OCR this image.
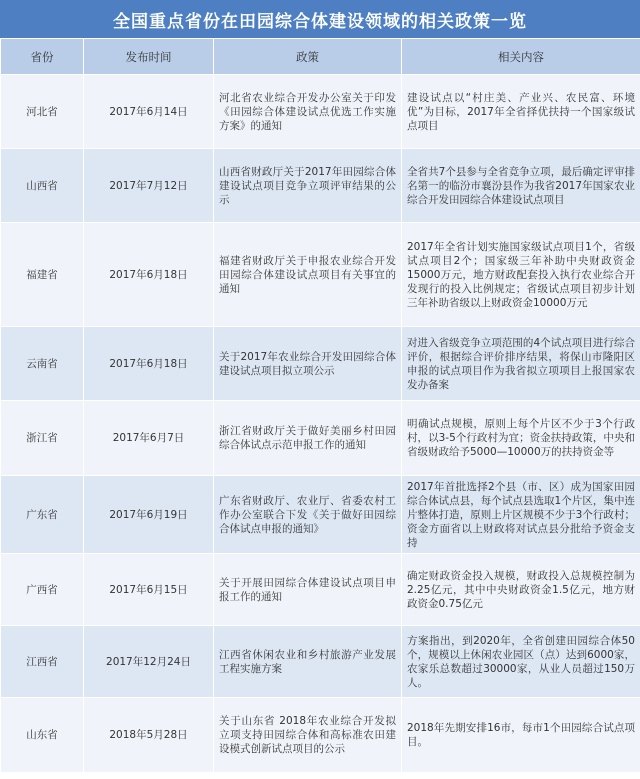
全国重点省份在田园综合体建设领域的相关政策一览
省份	发布时间	政策	相关内容
河北省	2017年6月14日	河北省农业综合开发办公室关于印发《田园综合体建设试点优选工作实施方案》的通知	建设试点以“村庄美、产业兴、农民富、环境优”为目标，2017年全省择优扶持一个国家级试点项目
山西省	2017年7月12日	山西省财政厅关于2017年田园综合体建设试点项目竞争立项评审结果的公示	全省共7个县参与全省竞争立项，最后确定评审排名第一的临汾市襄汾县作为我省2017年国家农业综合开发田园综合体建设试点项目
福建省	2017年6月18日	福建省财政厅关于申报农业综合开发田园综合体建设试点项目有关事宜的通知	2017年全省计划实施国家级试点项目1个，省级试点项目2个；国家级三年补助中央财政资金15000万元，地方财政配套投入执行农业综合开发现行的投入比例规定；省级试点项目初步计划三年补助省级以上财政资金10000万元
云南省	2017年6月18日	关于2017年农业综合开发田园综合体建设试点项目拟立项公示	对进入省级竞争立项范围的4个试点项目进行综合评价，根据综合评价排序结果，将保山市隆阳区申报的试点项目作为我省拟立项项目上报国家农发办备案
浙江省	2017年6月7日	浙江省财政厅关于做好美丽乡村田园综合体试点示范申报工作的通知	明确试点规模，原则上每个片区不少于3个行政村，以3-5个行政村为宜；资金扶持政策，中央和省级财政给予5000—10000万的扶持资金等
广东省	2017年6月19日	广东省财政厅、农业厅、省委农村工作办公室联合下发《关于做好田园综合体试点申报的通知》	2017年首批选择2个县（市、区）成为国家田园综合体试点县，每个试点县选取1个片区，集中连片整体打造，原则上片区规模不少于3个行政村；资金方面省以上财政将对试点县分批给予资金支持
广西省	2017年6月15日	关于开展田园综合体建设试点项目申报工作的通知	确定财政资金投入规模，财政投入总规模控制为2.25亿元，其中中央财政资金1.5亿元，地方财政资金0.75亿元
江西省	2017年12月24日	江西省休闲农业和乡村旅游产业发展工程实施方案	方案指出，到2020年，全省创建田园综合体50个，规模以上休闲农业园区（点）达到6000家，农家乐总数超过30000家，从业人员超过150万人。
山东省	2018年5月28日	关于山东省 2018年农业综合开发拟立项支持田园综合体和高标准农田建设模式创新试点项目的公示	2018年先期安排16市，每市1个田园综合试点项目。
